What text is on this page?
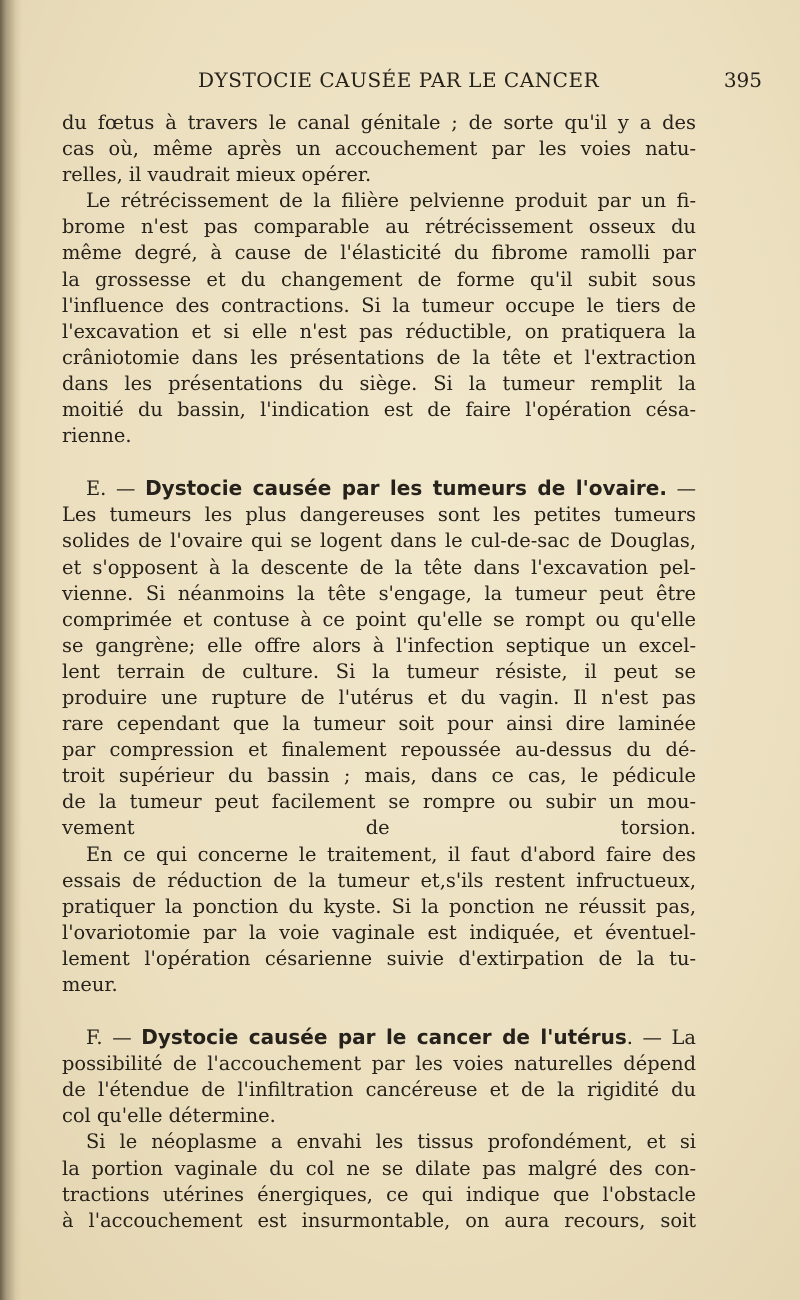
DYSTOCIE CAUSÉE PAR LE CANCER	395
du fœtus à travers le canal génitale ; de sorte qu'il y a des
cas où, même après un accouchement par les voies natu-
relles, il vaudrait mieux opérer.
Le rétrécissement de la filière pelvienne produit par un fi-
brome n'est pas comparable au rétrécissement osseux du
même degré, à cause de l'élasticité du fibrome ramolli par
la grossesse et du changement de forme qu'il subit sous
l'influence des contractions. Si la tumeur occupe le tiers de
l'excavation et si elle n'est pas réductible, on pratiquera la
crâniotomie dans les présentations de la tête et l'extraction
dans les présentations du siège. Si la tumeur remplit la
moitié du bassin, l'indication est de faire l'opération césa-
rienne.
E. — Dystocie causée par les tumeurs de l'ovaire. —
Les tumeurs les plus dangereuses sont les petites tumeurs
solides de l'ovaire qui se logent dans le cul-de-sac de Douglas,
et s'opposent à la descente de la tête dans l'excavation pel-
vienne. Si néanmoins la tête s'engage, la tumeur peut être
comprimée et contuse à ce point qu'elle se rompt ou qu'elle
se gangrène; elle offre alors à l'infection septique un excel-
lent terrain de culture. Si la tumeur résiste, il peut se
produire une rupture de l'utérus et du vagin. Il n'est pas
rare cependant que la tumeur soit pour ainsi dire laminée
par compression et finalement repoussée au-dessus du dé-
troit supérieur du bassin ; mais, dans ce cas, le pédicule
de la tumeur peut facilement se rompre ou subir un mou-
vement de torsion.
En ce qui concerne le traitement, il faut d'abord faire des
essais de réduction de la tumeur et,s'ils restent infructueux,
pratiquer la ponction du kyste. Si la ponction ne réussit pas,
l'ovariotomie par la voie vaginale est indiquée, et éventuel-
lement l'opération césarienne suivie d'extirpation de la tu-
meur.
F. — Dystocie causée par le cancer de l'utérus. — La
possibilité de l'accouchement par les voies naturelles dépend
de l'étendue de l'infiltration cancéreuse et de la rigidité du
col qu'elle détermine.
Si le néoplasme a envahi les tissus profondément, et si
la portion vaginale du col ne se dilate pas malgré des con-
tractions utérines énergiques, ce qui indique que l'obstacle
à l'accouchement est insurmontable, on aura recours, soit
